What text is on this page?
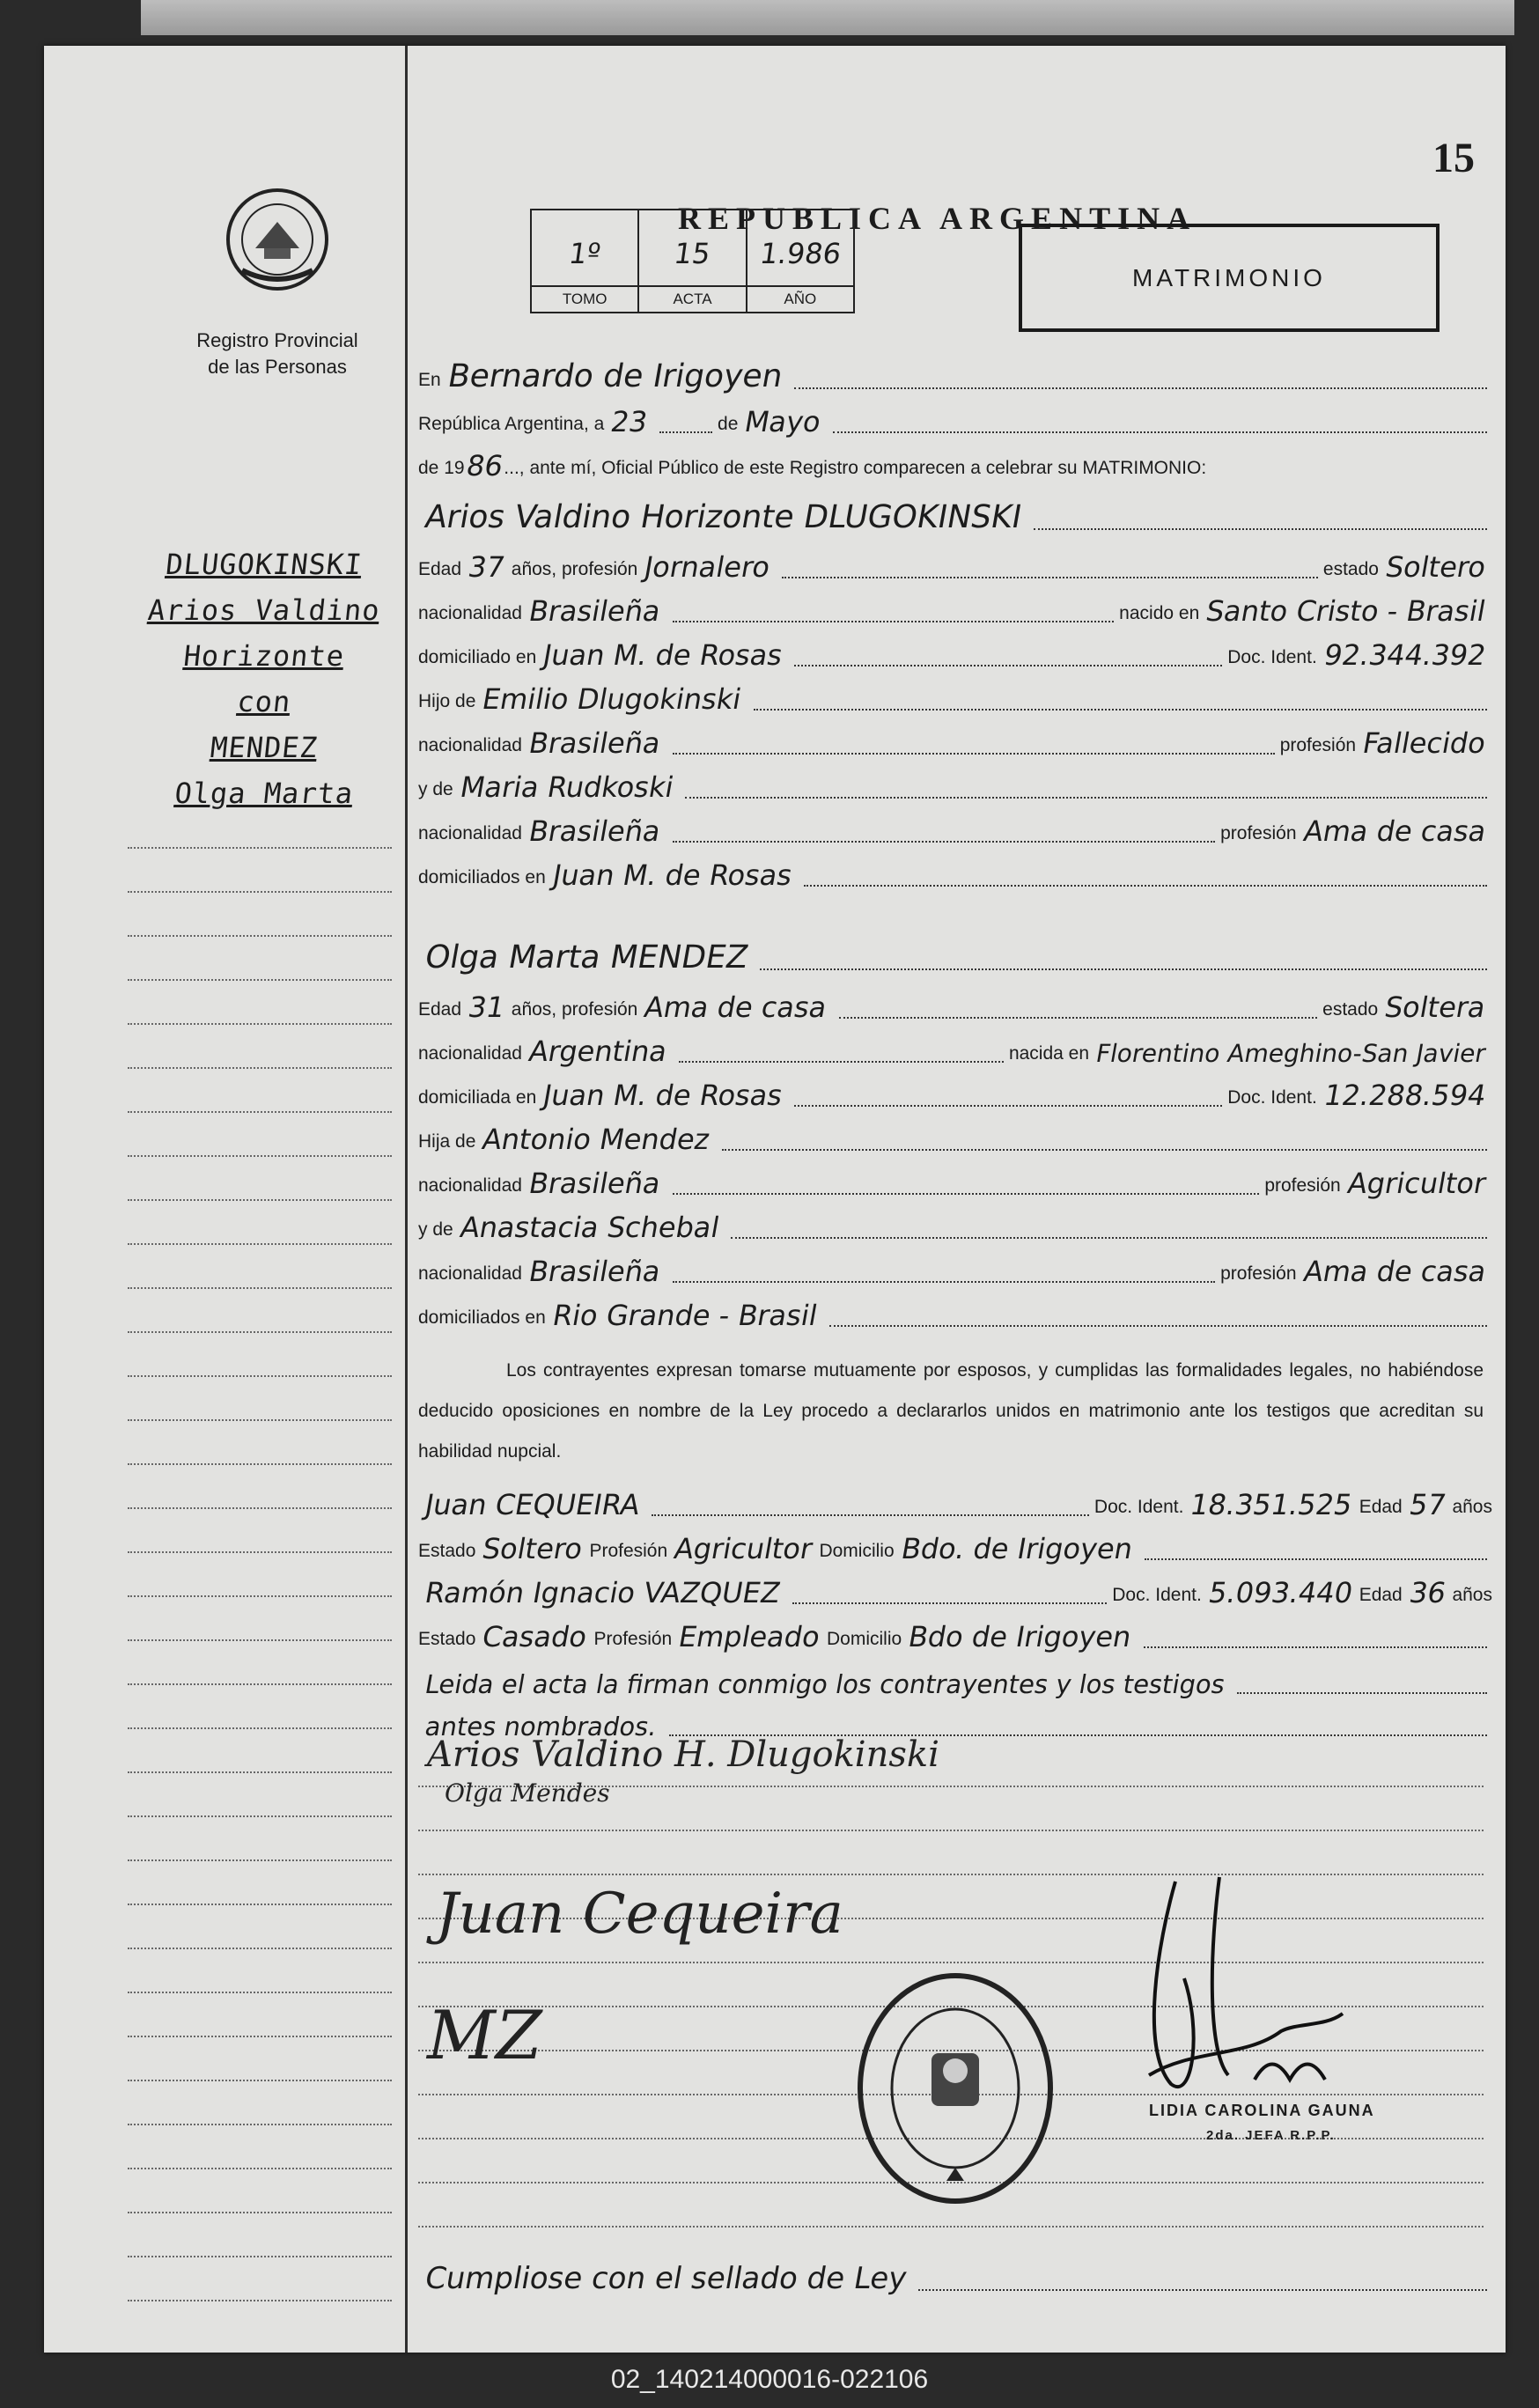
Registro Provincial
de las Personas
DLUGOKINSKI
Arios Valdino
Horizonte
con
MENDEZ
Olga Marta
15
REPUBLICA ARGENTINA
1º
TOMO
15
ACTA
1.986
AÑO
MATRIMONIO
En Bernardo de Irigoyen
República Argentina, a 23	de Mayo
de 19
86
..., ante mí, Oficial Público de este Registro comparecen a celebrar su MATRIMONIO:
Arios Valdino Horizonte DLUGOKINSKI
Edad 37 años, profesión Jornalero	estado Soltero
nacionalidad Brasileña	nacido en Santo Cristo - Brasil
domiciliado en Juan M. de Rosas	Doc. Ident. 92.344.392
Hijo de Emilio Dlugokinski
nacionalidad Brasileña	profesión Fallecido
y de Maria Rudkoski
nacionalidad Brasileña	profesión Ama de casa
domiciliados en Juan M. de Rosas
Olga Marta MENDEZ
Edad 31 años, profesión Ama de casa	estado Soltera
nacionalidad Argentina	nacida en Florentino Ameghino-San Javier
domiciliada en Juan M. de Rosas	Doc. Ident. 12.288.594
Hija de Antonio Mendez
nacionalidad Brasileña	profesión Agricultor
y de Anastacia Schebal
nacionalidad Brasileña	profesión Ama de casa
domiciliados en Rio Grande - Brasil
Los contrayentes expresan tomarse mutuamente por esposos, y cumplidas las formalidades legales, no habiéndose deducido oposiciones en nombre de la Ley procedo a declararlos unidos en matrimonio ante los testigos que acreditan su habilidad nupcial.
Juan CEQUEIRA	Doc. Ident. 18.351.525 Edad 57 años
Estado Soltero Profesión Agricultor Domicilio Bdo. de Irigoyen
Ramón Ignacio VAZQUEZ	Doc. Ident. 5.093.440 Edad 36 años
Estado Casado Profesión Empleado Domicilio Bdo de Irigoyen
Leida el acta la firman conmigo los contrayentes y los testigos
antes nombrados.
Arios Valdino H. Dlugokinski
Olga Mendes
Juan Cequeira
MZ
Cumpliose con el sellado de Ley
LIDIA CAROLINA GAUNA
2da. JEFA R.P.P.
02_140214000016-022106
